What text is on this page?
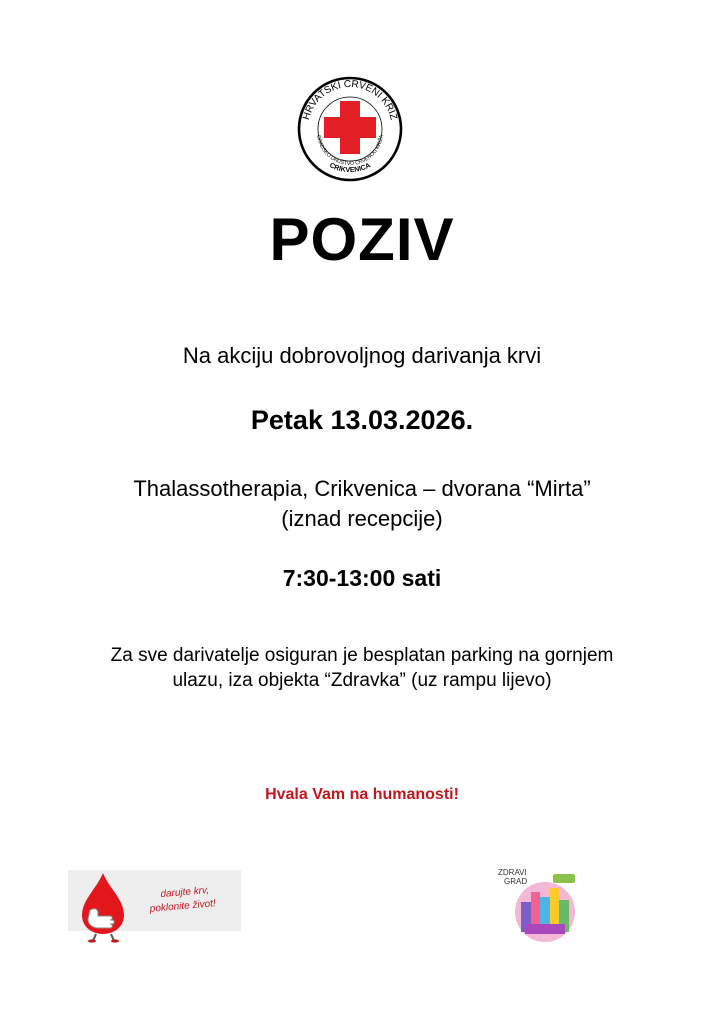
HRVATSKI CRVENI KRIŽ
GRADSKO DRUŠTVO CRVENOG KRIŽA
CRIKVENICA
POZIV
Na akciju dobrovoljnog darivanja krvi
Petak 13.03.2026.
Thalassotherapia, Crikvenica – dvorana “Mirta”
(iznad recepcije)
7:30-13:00 sati
Za sve darivatelje osiguran je besplatan parking na gornjem
ulazu, iza objekta “Zdravka” (uz rampu lijevo)
Hvala Vam na humanosti!
darujte krv,
poklonite život!
ZDRAVI
GRAD
